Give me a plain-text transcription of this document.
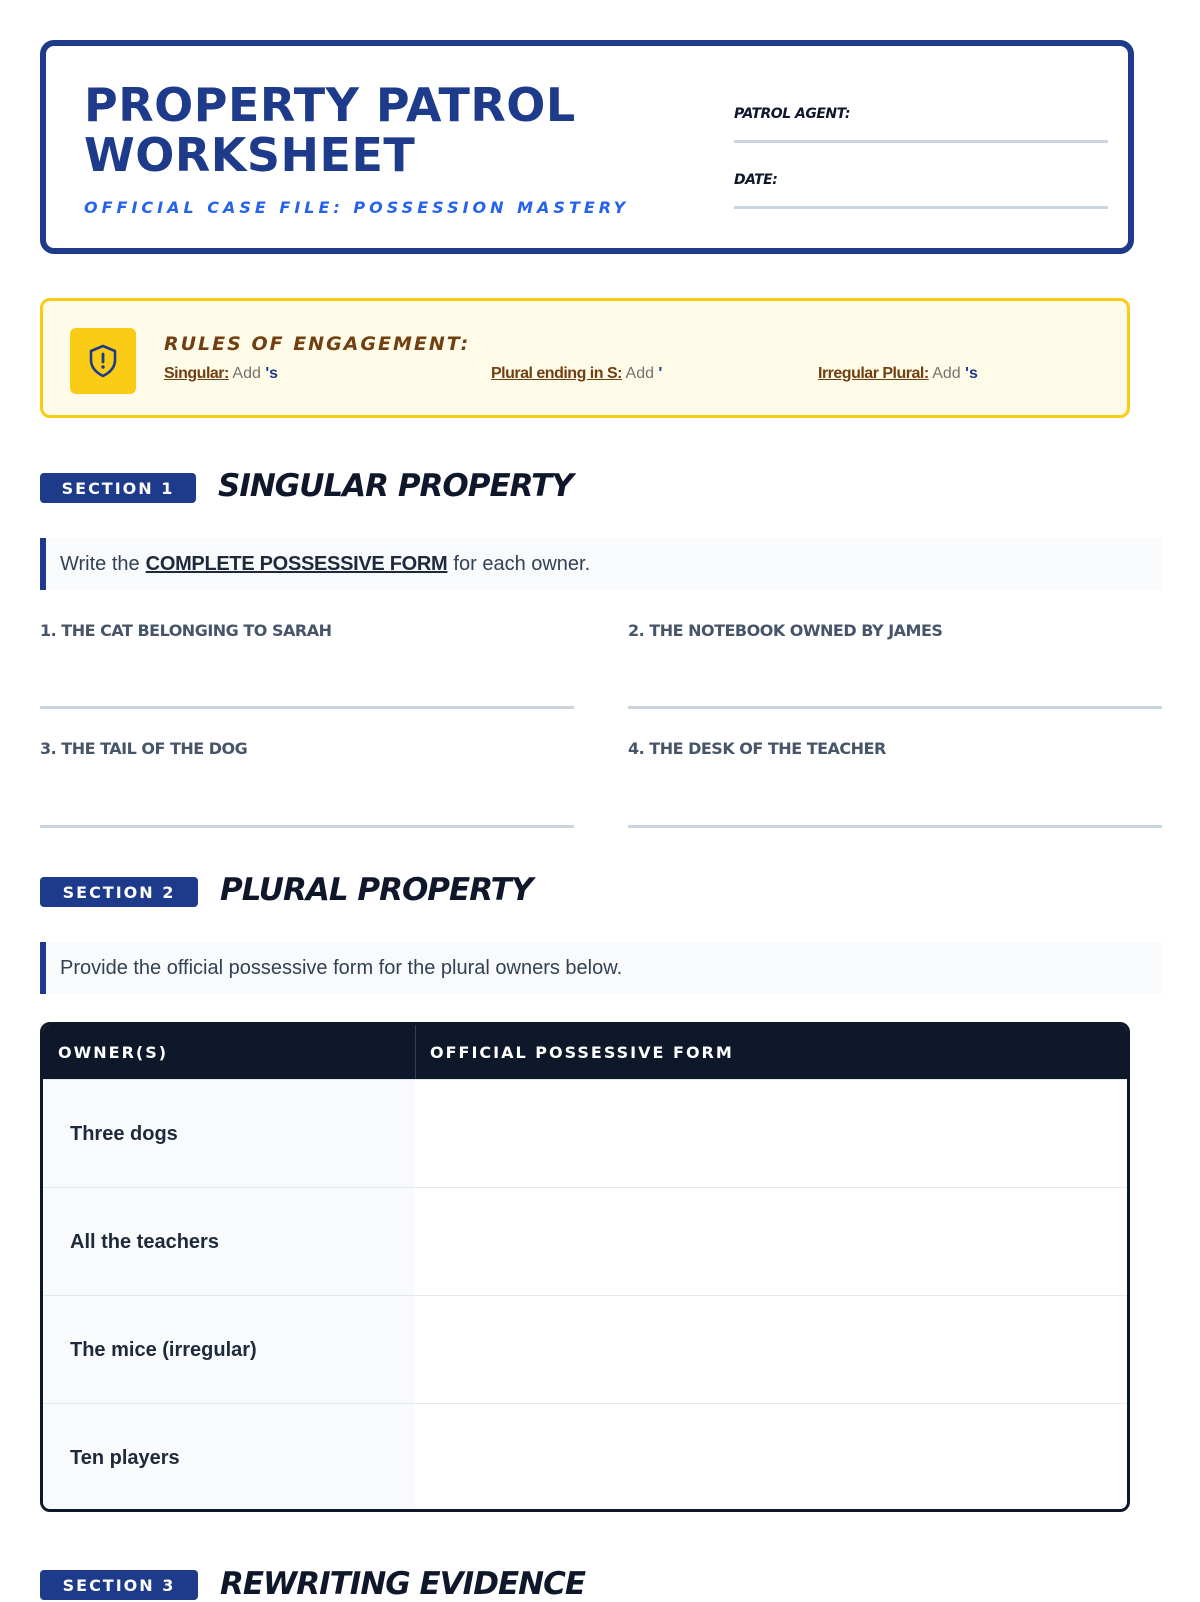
PROPERTY PATROL
WORKSHEET
OFFICIAL CASE FILE: POSSESSION MASTERY
PATROL AGENT:
DATE:
RULES OF ENGAGEMENT:
Singular: Add 's	Plural ending in S: Add '	Irregular Plural: Add 's
SECTION 1	SINGULAR PROPERTY
Write the COMPLETE POSSESSIVE FORM for each owner.
1. THE CAT BELONGING TO SARAH	2. THE NOTEBOOK OWNED BY JAMES
3. THE TAIL OF THE DOG	4. THE DESK OF THE TEACHER
SECTION 2	PLURAL PROPERTY
Provide the official possessive form for the plural owners below.
OWNER(S)	OFFICIAL POSSESSIVE FORM
Three dogs
All the teachers
The mice (irregular)
Ten players
SECTION 3	REWRITING EVIDENCE
